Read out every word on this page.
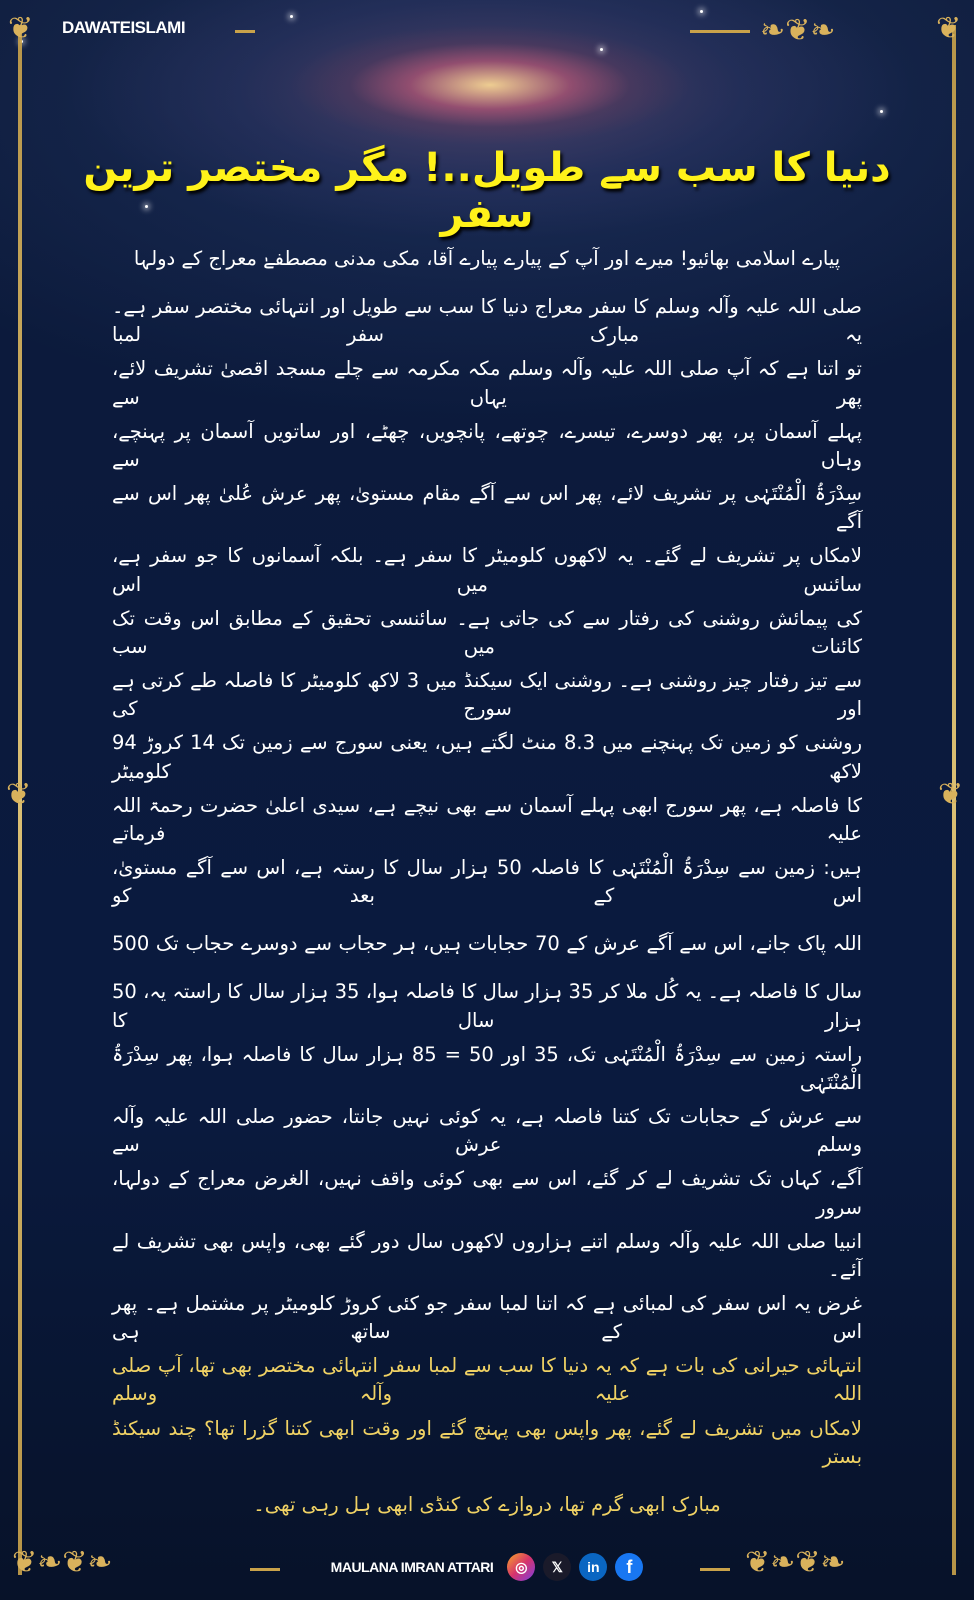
❦	❦
❧❦❧
❦❧❦❧	❦❧❦❧
❦	❦
DAWATEISLAMI
دنیا کا سب سے طویل..! مگر مختصر ترین سفر
پیارے اسلامی بھائیو! میرے اور آپ کے پیارے پیارے آقا، مکی مدنی مصطفےٰ معراج کے دولہا
صلی اللہ علیہ وآلہ وسلم کا سفر معراج دنیا کا سب سے طویل اور انتہائی مختصر سفر ہے۔ یہ مبارک سفر لمبا
تو اتنا ہے کہ آپ صلی اللہ علیہ وآلہ وسلم مکہ مکرمہ سے چلے مسجد اقصیٰ تشریف لائے، پھر یہاں سے
پہلے آسمان پر، پھر دوسرے، تیسرے، چوتھے، پانچویں، چھٹے، اور ساتویں آسمان پر پہنچے، وہاں سے
سِدْرَۃُ الْمُنْتَہٰی پر تشریف لائے، پھر اس سے آگے مقام مستویٰ، پھر عرش عُلیٰ پھر اس سے آگے
لامکاں پر تشریف لے گئے۔ یہ لاکھوں کلومیٹر کا سفر ہے۔ بلکہ آسمانوں کا جو سفر ہے، سائنس میں اس
کی پیمائش روشنی کی رفتار سے کی جاتی ہے۔ سائنسی تحقیق کے مطابق اس وقت تک کائنات میں سب
سے تیز رفتار چیز روشنی ہے۔ روشنی ایک سیکنڈ میں 3 لاکھ کلومیٹر کا فاصلہ طے کرتی ہے اور سورج کی
روشنی کو زمین تک پہنچنے میں 8.3 منٹ لگتے ہیں، یعنی سورج سے زمین تک 14 کروڑ 94 لاکھ کلومیٹر
کا فاصلہ ہے، پھر سورج ابھی پہلے آسمان سے بھی نیچے ہے، سیدی اعلیٰ حضرت رحمۃ اللہ علیہ فرماتے
ہیں: زمین سے سِدْرَۃُ الْمُنْتَہٰی کا فاصلہ 50 ہزار سال کا رستہ ہے، اس سے آگے مستویٰ، اس کے بعد کو
اللہ پاک جانے، اس سے آگے عرش کے 70 حجابات ہیں، ہر حجاب سے دوسرے حجاب تک 500
سال کا فاصلہ ہے۔ یہ کُل ملا کر 35 ہزار سال کا فاصلہ ہوا، 35 ہزار سال کا راستہ یہ، 50 ہزار سال کا
راستہ زمین سے سِدْرَۃُ الْمُنْتَہٰی تک، 35 اور 50 = 85 ہزار سال کا فاصلہ ہوا، پھر سِدْرَۃُ الْمُنْتَہٰی
سے عرش کے حجابات تک کتنا فاصلہ ہے، یہ کوئی نہیں جانتا، حضور صلی اللہ علیہ وآلہ وسلم عرش سے
آگے، کہاں تک تشریف لے کر گئے، اس سے بھی کوئی واقف نہیں، الغرض معراج کے دولہا، سرور
انبیا صلی اللہ علیہ وآلہ وسلم اتنے ہزاروں لاکھوں سال دور گئے بھی، واپس بھی تشریف لے آئے۔
غرض یہ اس سفر کی لمبائی ہے کہ اتنا لمبا سفر جو کئی کروڑ کلومیٹر پر مشتمل ہے۔ پھر اس کے ساتھ ہی
انتہائی حیرانی کی بات ہے کہ یہ دنیا کا سب سے لمبا سفر انتہائی مختصر بھی تھا، آپ صلی اللہ علیہ وآلہ وسلم
لامکاں میں تشریف لے گئے، پھر واپس بھی پہنچ گئے اور وقت ابھی کتنا گزرا تھا؟ چند سیکنڈ بستر
مبارک ابھی گرم تھا، دروازے کی کنڈی ابھی ہل رہی تھی۔
MAULANA IMRAN ATTARI	◎	𝕏	in	f
